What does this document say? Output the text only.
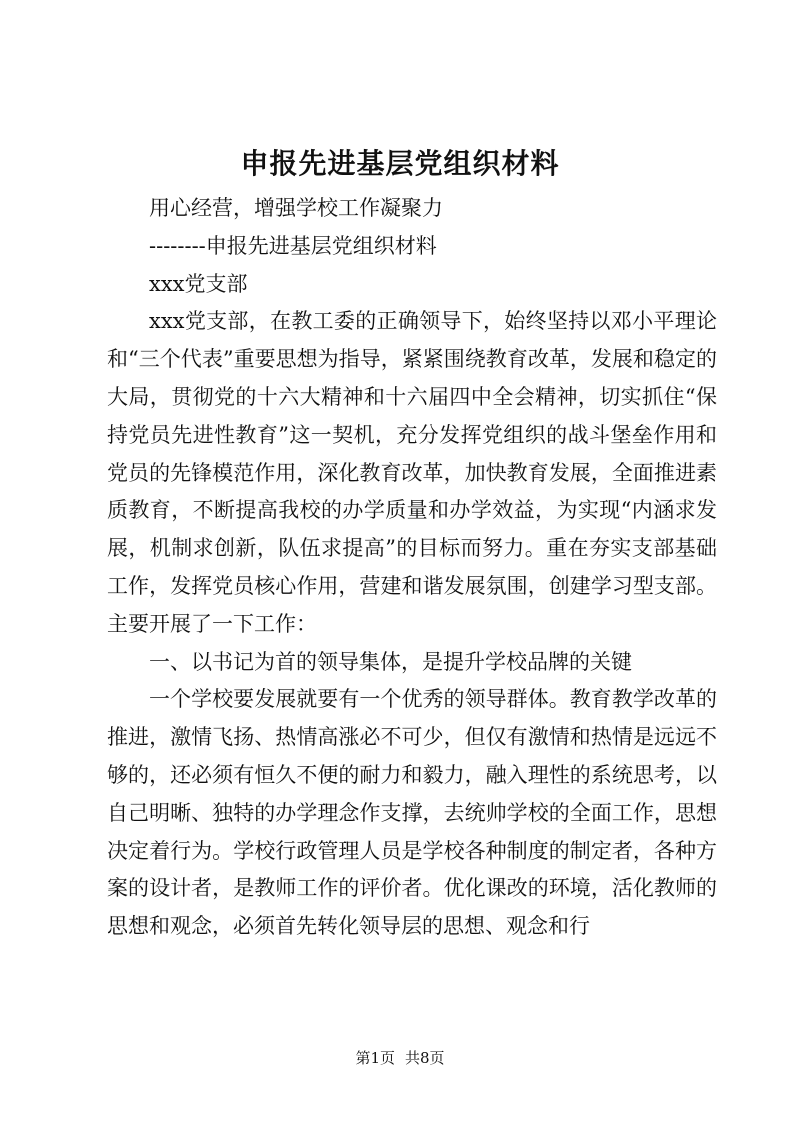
申报先进基层党组织材料

用心经营，增强学校工作凝聚力

--------申报先进基层党组织材料

xxx党支部

xxx党支部，在教工委的正确领导下，始终坚持以邓小平理论和“三个代表”重要思想为指导，紧紧围绕教育改革，发展和稳定的大局，贯彻党的十六大精神和十六届四中全会精神，切实抓住“保持党员先进性教育”这一契机，充分发挥党组织的战斗堡垒作用和党员的先锋模范作用，深化教育改革，加快教育发展，全面推进素质教育，不断提高我校的办学质量和办学效益，为实现“内涵求发展，机制求创新，队伍求提高”的目标而努力。重在夯实支部基础工作，发挥党员核心作用，营建和谐发展氛围，创建学习型支部。主要开展了一下工作：

一、以书记为首的领导集体，是提升学校品牌的关键

一个学校要发展就要有一个优秀的领导群体。教育教学改革的推进，激情飞扬、热情高涨必不可少，但仅有激情和热情是远远不够的，还必须有恒久不便的耐力和毅力，融入理性的系统思考，以自己明晰、独特的办学理念作支撑，去统帅学校的全面工作，思想决定着行为。学校行政管理人员是学校各种制度的制定者，各种方案的设计者，是教师工作的评价者。优化课改的环境，活化教师的思想和观念，必须首先转化领导层的思想、观念和行

第1页 共8页
